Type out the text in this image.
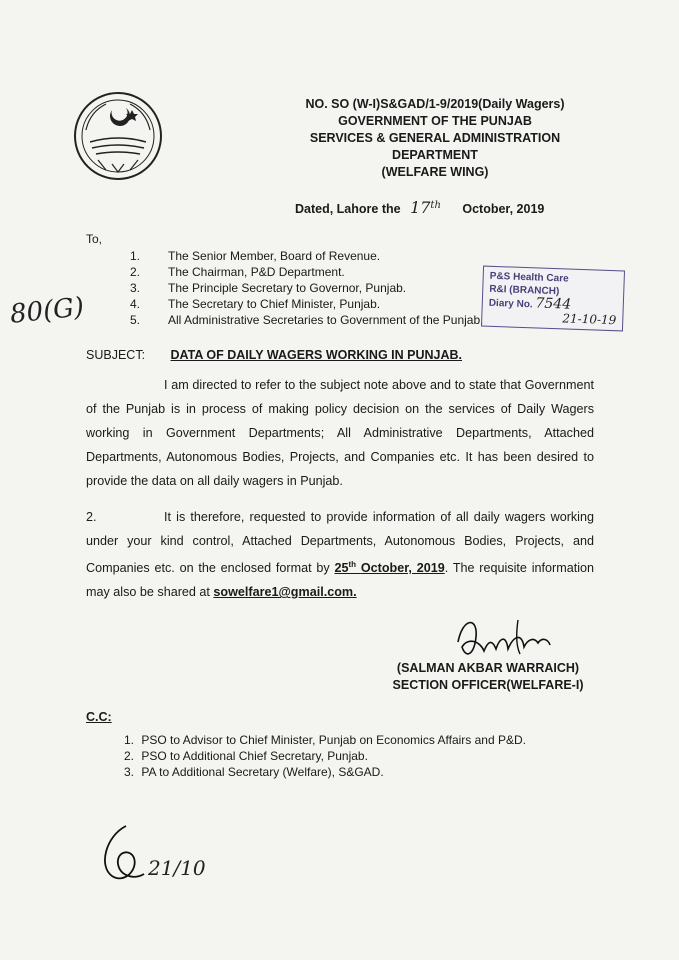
NO. SO (W-I)S&GAD/1-9/2019(Daily Wagers)
GOVERNMENT OF THE PUNJAB
SERVICES & GENERAL ADMINISTRATION
DEPARTMENT
(WELFARE WING)
Dated, Lahore the 17th October, 2019
To,
1. The Senior Member, Board of Revenue.
2. The Chairman, P&D Department.
3. The Principle Secretary to Governor, Punjab.
4. The Secretary to Chief Minister, Punjab.
5. All Administrative Secretaries to Government of the Punjab.
80(G)
P&S Health Care
R&I (BRANCH)
Diary No. 7544
21-10-19
SUBJECT: DATA OF DAILY WAGERS WORKING IN PUNJAB.
I am directed to refer to the subject note above and to state that Government of the Punjab is in process of making policy decision on the services of Daily Wagers working in Government Departments; All Administrative Departments, Attached Departments, Autonomous Bodies, Projects, and Companies etc. It has been desired to provide the data on all daily wagers in Punjab.
2.	It is therefore, requested to provide information of all daily wagers working under your kind control, Attached Departments, Autonomous Bodies, Projects, and Companies etc. on the enclosed format by 25th October, 2019. The requisite information may also be shared at sowelfare1@gmail.com.
(SALMAN AKBAR WARRAICH)
SECTION OFFICER(WELFARE-I)
C.C:
1. PSO to Advisor to Chief Minister, Punjab on Economics Affairs and P&D.
2. PSO to Additional Chief Secretary, Punjab.
3. PA to Additional Secretary (Welfare), S&GAD.
21/10
